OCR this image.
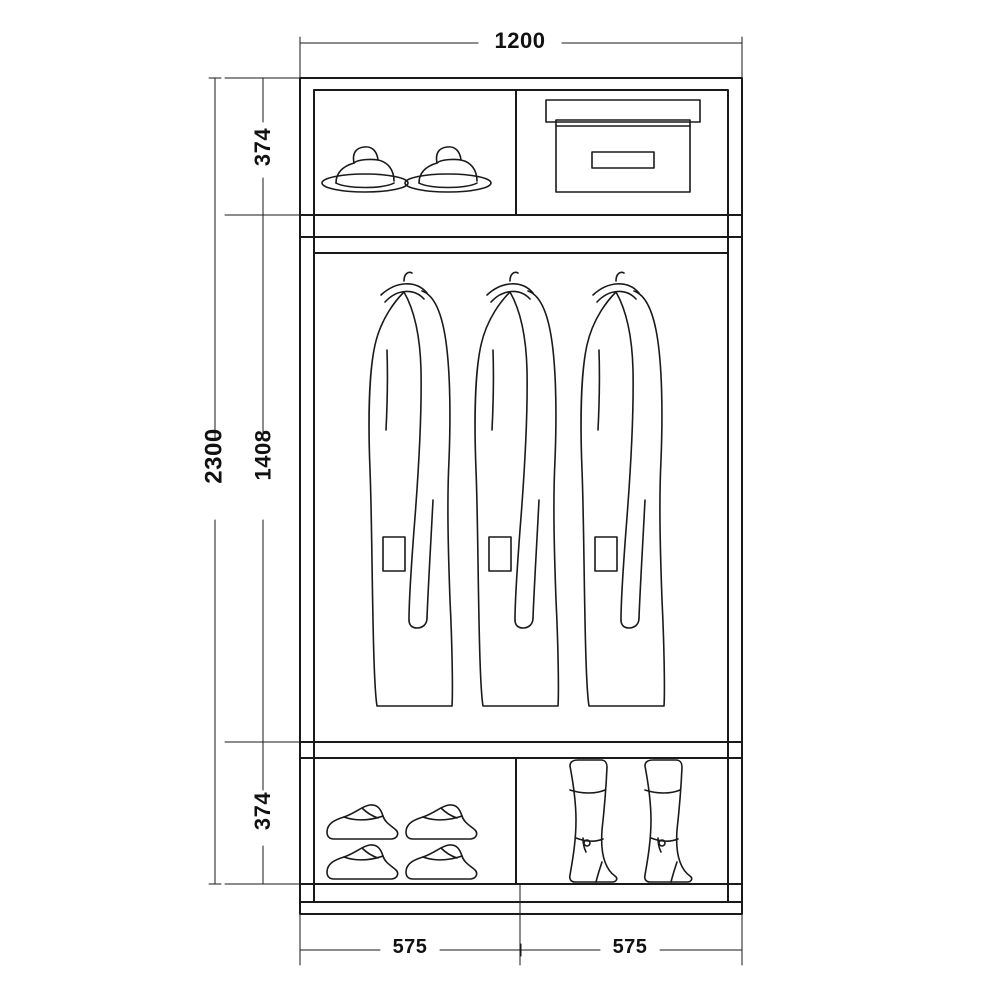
1200
374
1408
374
2300
575	575
